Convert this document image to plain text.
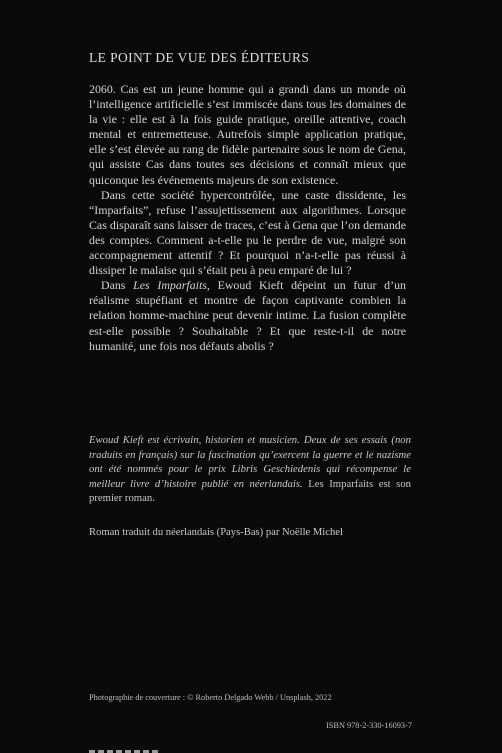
LE POINT DE VUE DES ÉDITEURS

2060. Cas est un jeune homme qui a grandi dans un monde où l’intelligence artificielle s’est immiscée dans tous les domaines de la vie : elle est à la fois guide pratique, oreille attentive, coach mental et entremetteuse. Autrefois simple application pratique, elle s’est élevée au rang de fidèle partenaire sous le nom de Gena, qui assiste Cas dans toutes ses décisions et connaît mieux que quiconque les événements majeurs de son existence.

Dans cette société hypercontrôlée, une caste dissidente, les “Imparfaits”, refuse l’assujettissement aux algorithmes. Lorsque Cas disparaît sans laisser de traces, c’est à Gena que l’on demande des comptes. Comment a-t-elle pu le perdre de vue, malgré son accompagnement attentif ? Et pourquoi n’a-t-elle pas réussi à dissiper le malaise qui s’était peu à peu emparé de lui ?

Dans Les Imparfaits, Ewoud Kieft dépeint un futur d’un réalisme stupéfiant et montre de façon captivante combien la relation homme-machine peut devenir intime. La fusion complète est-elle possible ? Souhaitable ? Et que reste-t-il de notre humanité, une fois nos défauts abolis ?

Ewoud Kieft est écrivain, historien et musicien. Deux de ses essais (non traduits en français) sur la fascination qu’exercent la guerre et le nazisme ont été nommés pour le prix Libris Geschiedenis qui récompense le meilleur livre d’histoire publié en néerlandais. Les Imparfaits est son premier roman.
Roman traduit du néerlandais (Pays-Bas) par Noëlle Michel
Photographie de couverture : © Roberto Delgado Webb / Unsplash, 2022
ISBN 978-2-330-16093-7
